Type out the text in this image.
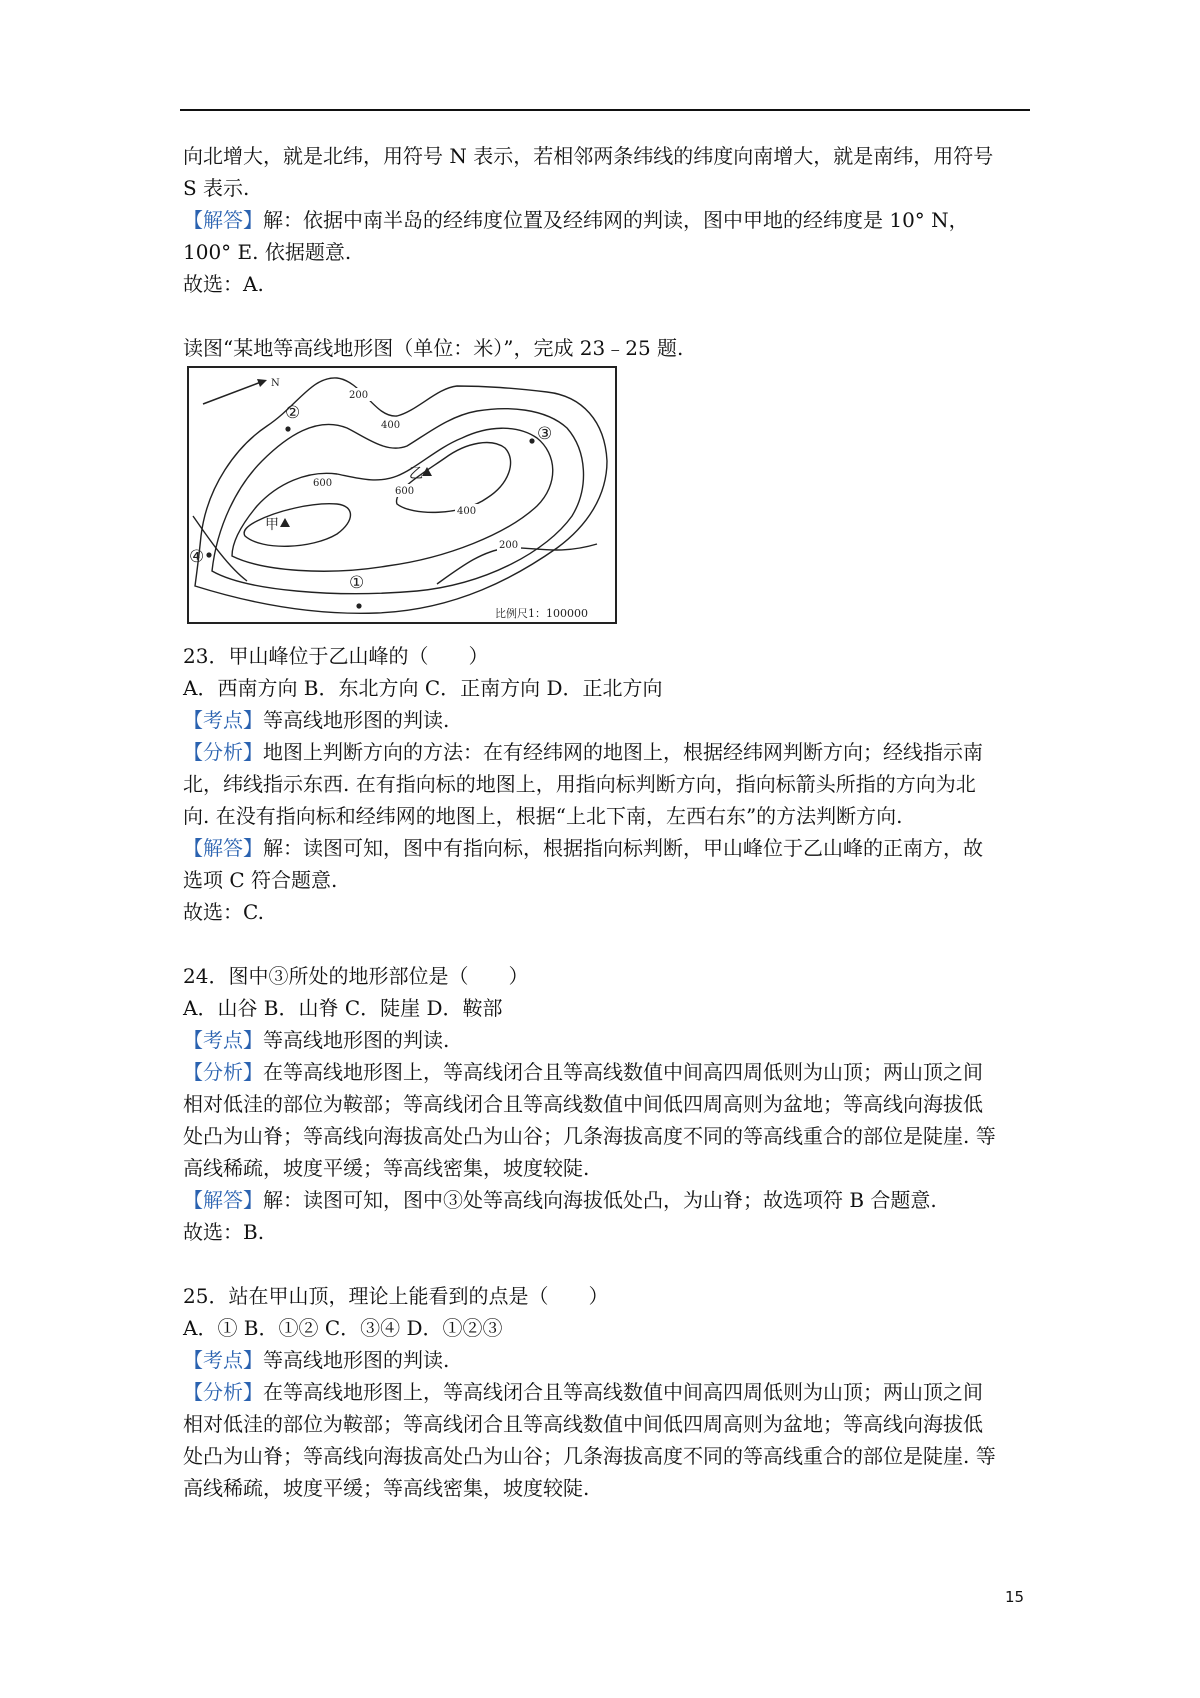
向北增大，就是北纬，用符号 N 表示，若相邻两条纬线的纬度向南增大，就是南纬，用符号
S 表示.
【解答】解：依据中南半岛的经纬度位置及经纬网的判读，图中甲地的经纬度是 10° N，
100° E. 依据题意.
故选：A.
读图“某地等高线地形图（单位：米）”，完成 23﹣25 题.
N
200
400
600
600
400
200
乙
甲
②
③
④
①
比例尺1：100000
23．甲山峰位于乙山峰的（　　）
A．西南方向 B．东北方向 C．正南方向 D．正北方向
【考点】等高线地形图的判读.
【分析】地图上判断方向的方法：在有经纬网的地图上，根据经纬网判断方向；经线指示南
北，纬线指示东西. 在有指向标的地图上，用指向标判断方向，指向标箭头所指的方向为北
向. 在没有指向标和经纬网的地图上，根据“上北下南，左西右东”的方法判断方向.
【解答】解：读图可知，图中有指向标，根据指向标判断，甲山峰位于乙山峰的正南方，故
选项 C 符合题意.
故选：C.
24．图中③所处的地形部位是（　　）
A．山谷 B．山脊 C．陡崖 D．鞍部
【考点】等高线地形图的判读.
【分析】在等高线地形图上，等高线闭合且等高线数值中间高四周低则为山顶；两山顶之间
相对低洼的部位为鞍部；等高线闭合且等高线数值中间低四周高则为盆地；等高线向海拔低
处凸为山脊；等高线向海拔高处凸为山谷；几条海拔高度不同的等高线重合的部位是陡崖. 等
高线稀疏，坡度平缓；等高线密集，坡度较陡.
【解答】解：读图可知，图中③处等高线向海拔低处凸，为山脊；故选项符 B 合题意.
故选：B.
25．站在甲山顶，理论上能看到的点是（　　）
A．① B．①② C．③④ D．①②③
【考点】等高线地形图的判读.
【分析】在等高线地形图上，等高线闭合且等高线数值中间高四周低则为山顶；两山顶之间
相对低洼的部位为鞍部；等高线闭合且等高线数值中间低四周高则为盆地；等高线向海拔低
处凸为山脊；等高线向海拔高处凸为山谷；几条海拔高度不同的等高线重合的部位是陡崖. 等
高线稀疏，坡度平缓；等高线密集，坡度较陡.
15
